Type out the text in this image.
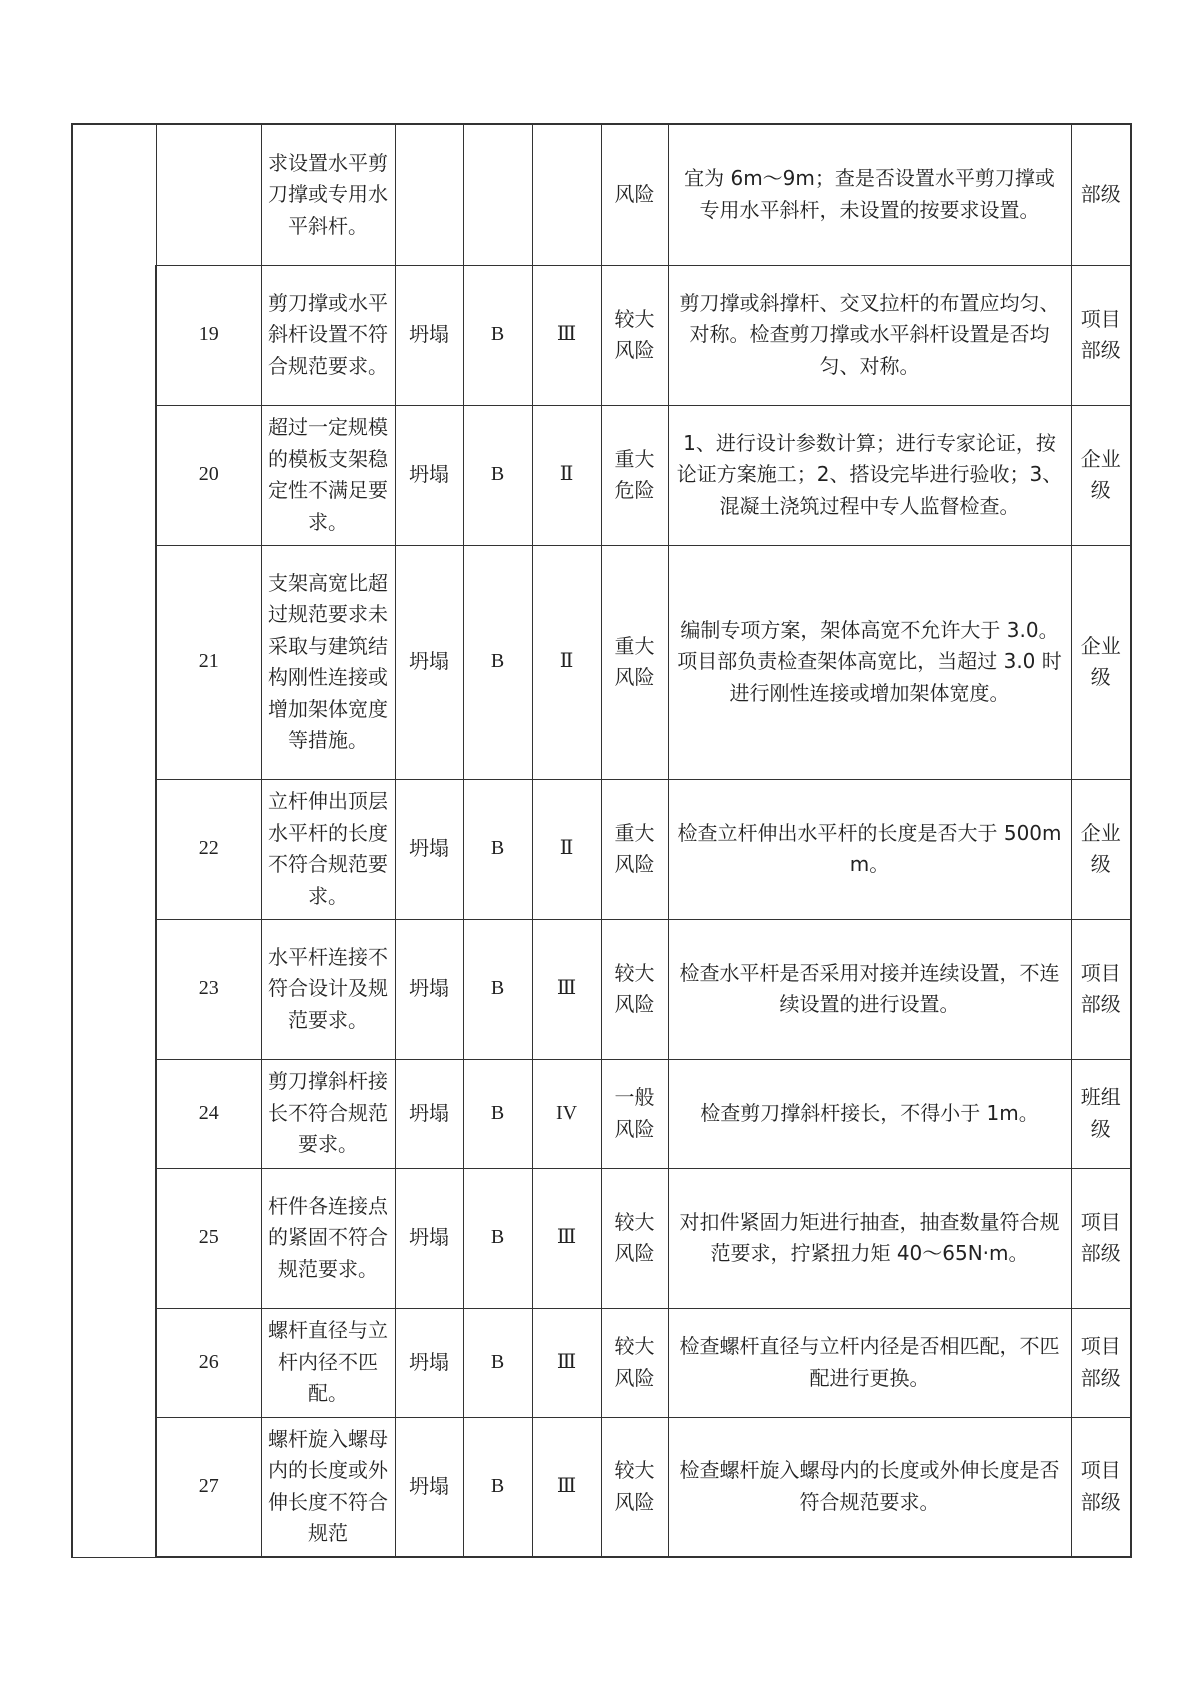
		求设置水平剪刀撑或专用水平斜杆。				风险	宜为 6m～9m；查是否设置水平剪刀撑或专用水平斜杆，未设置的按要求设置。	部级
	19	剪刀撑或水平斜杆设置不符合规范要求。	坍塌	B	Ⅲ	较大风险	剪刀撑或斜撑杆、交叉拉杆的布置应均匀、对称。检查剪刀撑或水平斜杆设置是否均匀、对称。	项目部级
	20	超过一定规模的模板支架稳定性不满足要求。	坍塌	B	Ⅱ	重大危险	1、进行设计参数计算；进行专家论证，按论证方案施工；2、搭设完毕进行验收；3、混凝土浇筑过程中专人监督检查。	企业级
	21	支架高宽比超过规范要求未采取与建筑结构刚性连接或增加架体宽度等措施。	坍塌	B	Ⅱ	重大风险	编制专项方案，架体高宽不允许大于 3.0。项目部负责检查架体高宽比，当超过 3.0 时进行刚性连接或增加架体宽度。	企业级
	22	立杆伸出顶层水平杆的长度不符合规范要求。	坍塌	B	Ⅱ	重大风险	检查立杆伸出水平杆的长度是否大于 500mm。	企业级
	23	水平杆连接不符合设计及规范要求。	坍塌	B	Ⅲ	较大风险	检查水平杆是否采用对接并连续设置，不连续设置的进行设置。	项目部级
	24	剪刀撑斜杆接长不符合规范要求。	坍塌	B	IV	一般风险	检查剪刀撑斜杆接长，不得小于 1m。	班组级
	25	杆件各连接点的紧固不符合规范要求。	坍塌	B	Ⅲ	较大风险	对扣件紧固力矩进行抽查，抽查数量符合规范要求，拧紧扭力矩 40～65N·m。	项目部级
	26	螺杆直径与立杆内径不匹配。	坍塌	B	Ⅲ	较大风险	检查螺杆直径与立杆内径是否相匹配，不匹配进行更换。	项目部级
	27	螺杆旋入螺母内的长度或外伸长度不符合规范	坍塌	B	Ⅲ	较大风险	检查螺杆旋入螺母内的长度或外伸长度是否符合规范要求。	项目部级
